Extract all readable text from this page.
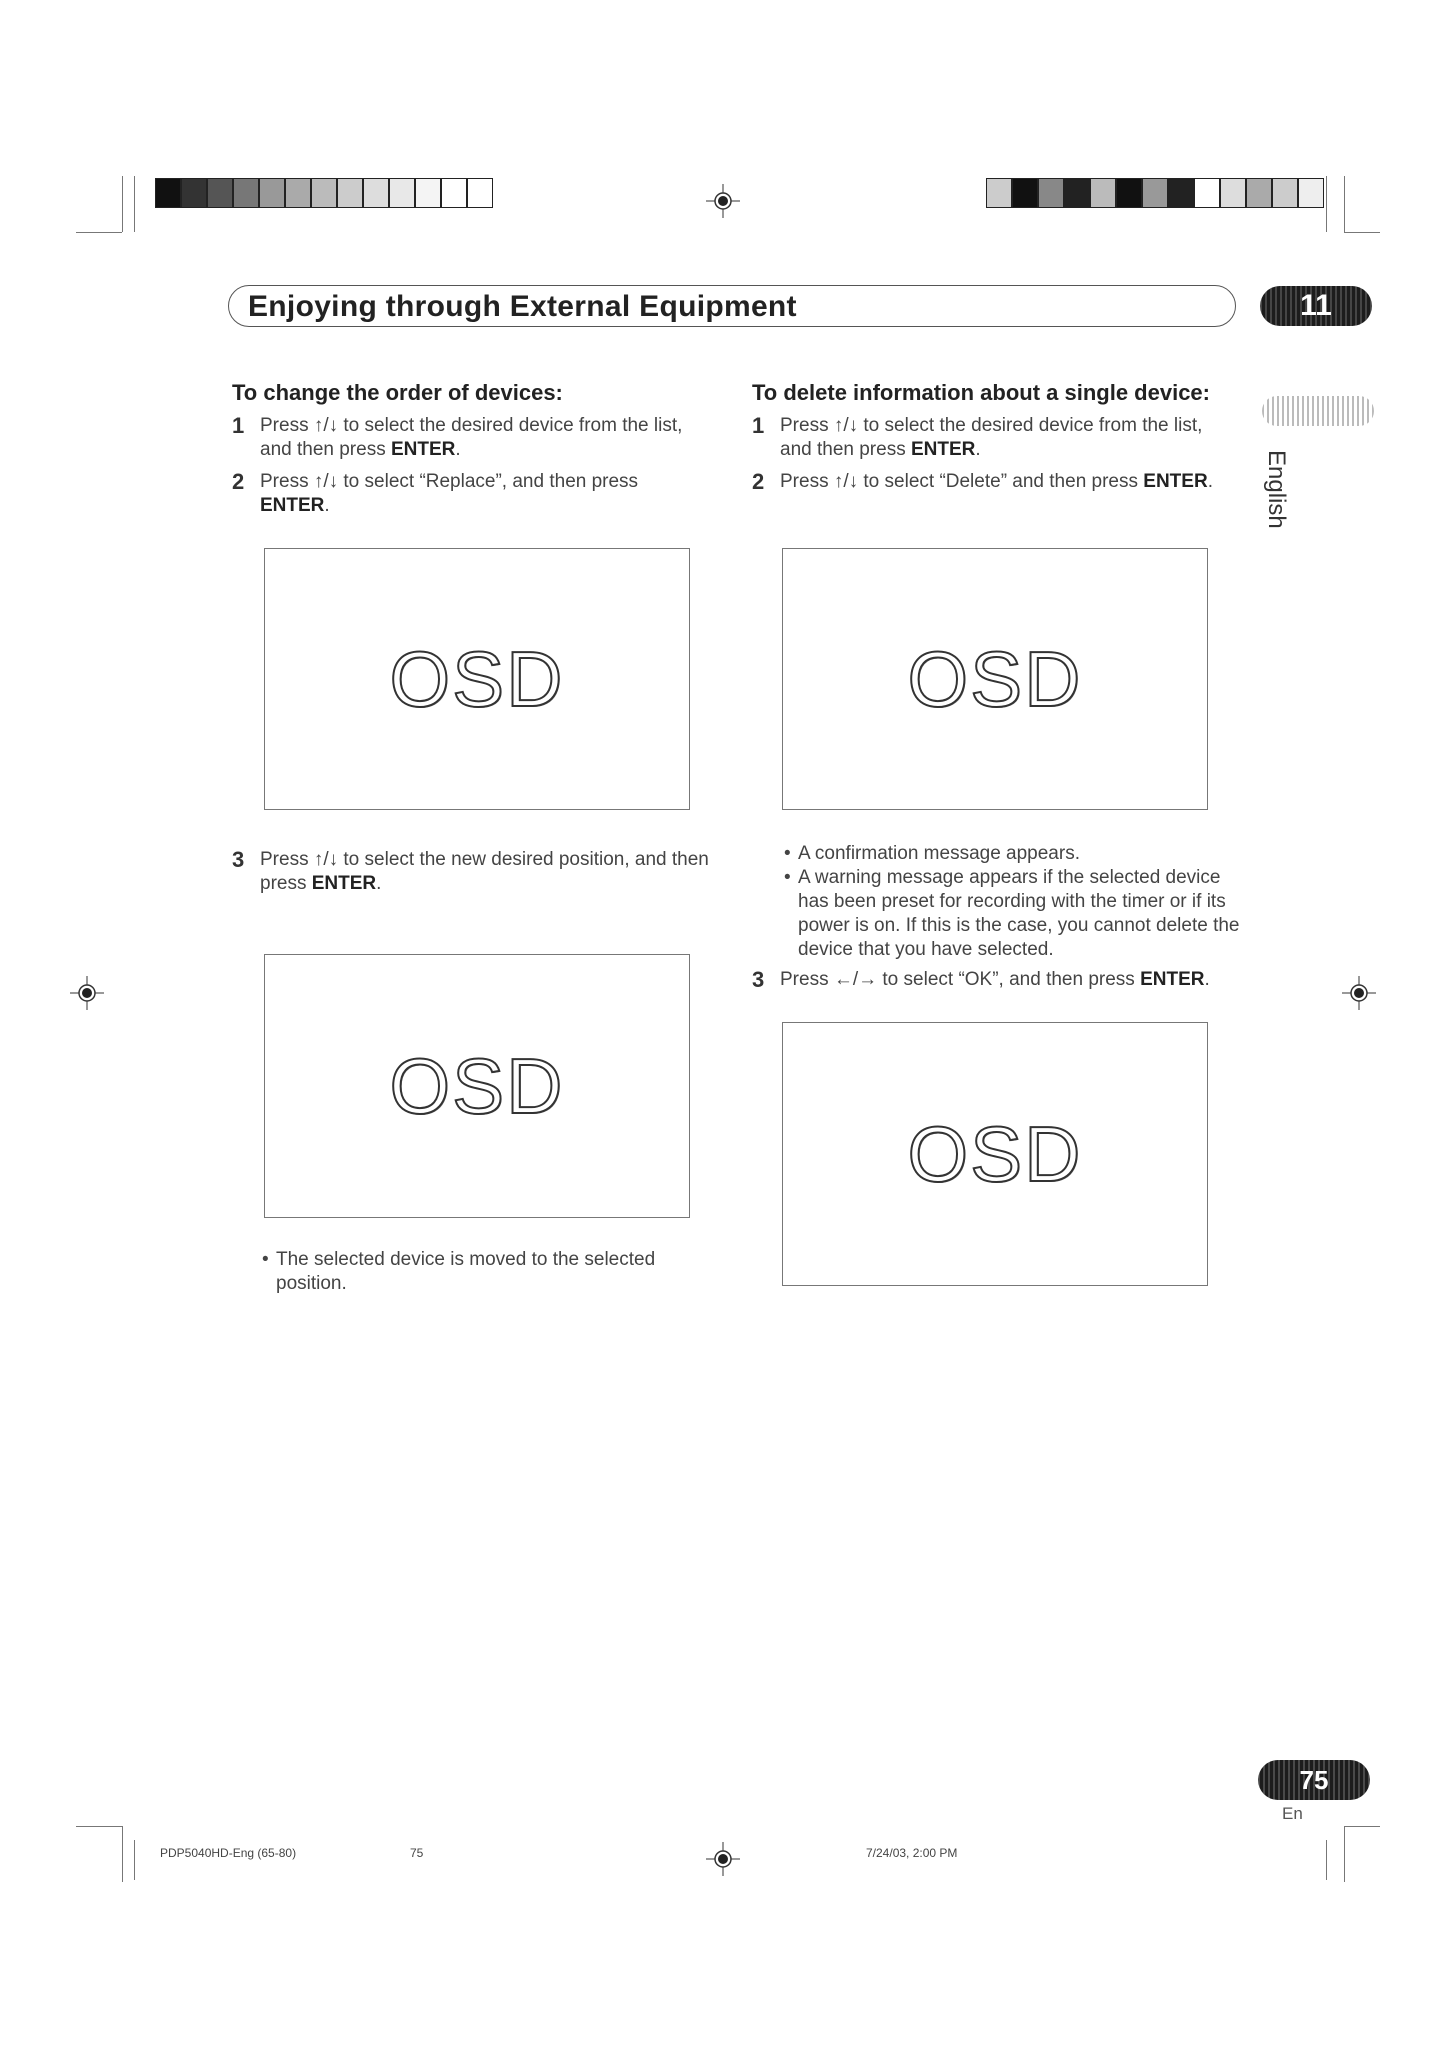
Enjoying through External Equipment	11
English
To change the order of devices:
1 Press ↑/↓ to select the desired device from the list, and then press ENTER.
2 Press ↑/↓ to select “Replace”, and then press ENTER.
OSD
3 Press ↑/↓ to select the new desired position, and then press ENTER.
OSD
• The selected device is moved to the selected position.
To delete information about a single device:
1 Press ↑/↓ to select the desired device from the list, and then press ENTER.
2 Press ↑/↓ to select “Delete” and then press ENTER.
OSD
• A confirmation message appears.
• A warning message appears if the selected device has been preset for recording with the timer or if its power is on. If this is the case, you cannot delete the device that you have selected.
3 Press ←/→ to select “OK”, and then press ENTER.
OSD
75
En
PDP5040HD-Eng (65-80)	75	7/24/03, 2:00 PM
